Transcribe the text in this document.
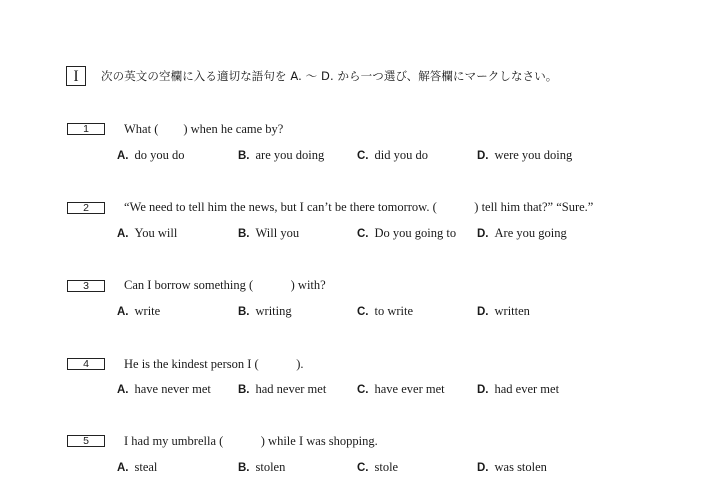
I	次の英文の空欄に入る適切な語句を A. 〜 D. から一つ選び、解答欄にマークしなさい。
1	What (  ) when he came by?
A. do you do	B. are you doing	C. did you do	D. were you doing
2	“We need to tell him the news, but I can’t be there tomorrow. (   ) tell him that?” “Sure.”
A. You will	B. Will you	C. Do you going to D. Are you going
3	Can I borrow something (   ) with?
A. write	B. writing	C. to write	D. written
4	He is the kindest person I (   ).
A. have never met B. had never met	C. have ever met	D. had ever met
5	I had my umbrella (   ) while I was shopping.
A. steal	B. stolen	C. stole	D. was stolen
